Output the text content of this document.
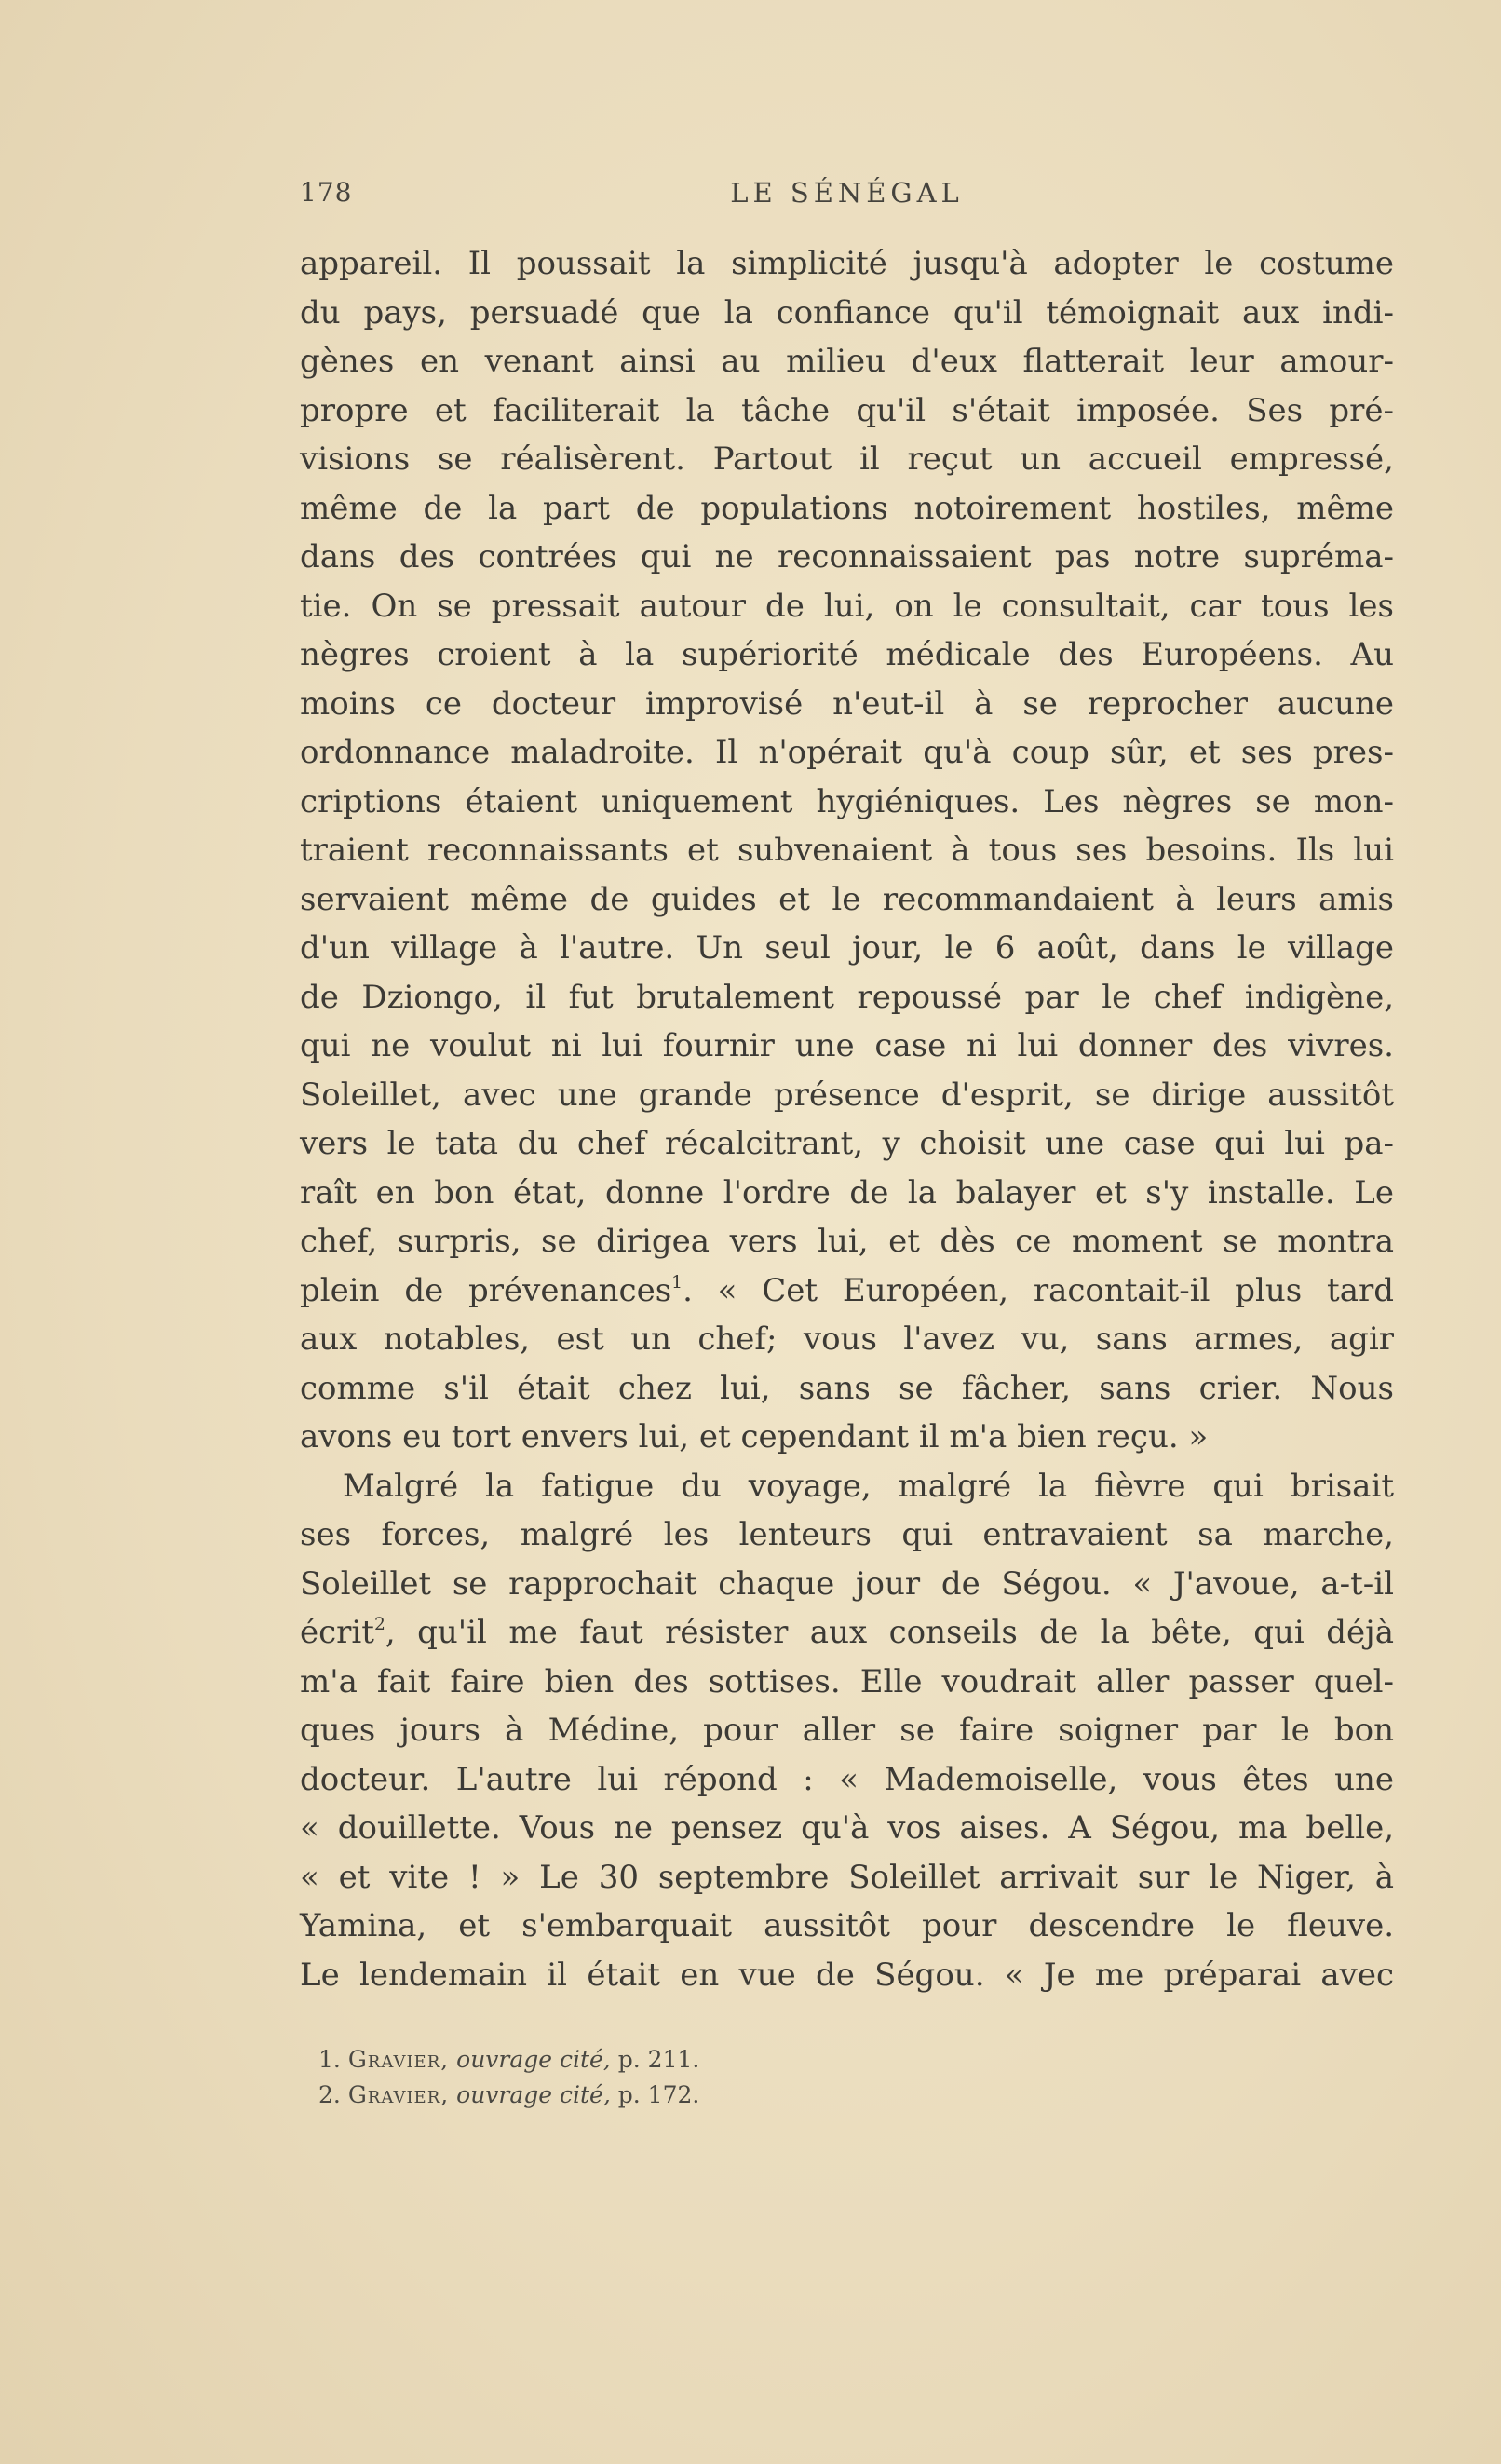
178	LE SÉNÉGAL
appareil. Il poussait la simplicité jusqu'à adopter le costume
du pays, persuadé que la confiance qu'il témoignait aux indi-
gènes en venant ainsi au milieu d'eux flatterait leur amour-
propre et faciliterait la tâche qu'il s'était imposée. Ses pré-
visions se réalisèrent. Partout il reçut un accueil empressé,
même de la part de populations notoirement hostiles, même
dans des contrées qui ne reconnaissaient pas notre supréma-
tie. On se pressait autour de lui, on le consultait, car tous les
nègres croient à la supériorité médicale des Européens. Au
moins ce docteur improvisé n'eut-il à se reprocher aucune
ordonnance maladroite. Il n'opérait qu'à coup sûr, et ses pres-
criptions étaient uniquement hygiéniques. Les nègres se mon-
traient reconnaissants et subvenaient à tous ses besoins. Ils lui
servaient même de guides et le recommandaient à leurs amis
d'un village à l'autre. Un seul jour, le 6 août, dans le village
de Dziongo, il fut brutalement repoussé par le chef indigène,
qui ne voulut ni lui fournir une case ni lui donner des vivres.
Soleillet, avec une grande présence d'esprit, se dirige aussitôt
vers le tata du chef récalcitrant, y choisit une case qui lui pa-
raît en bon état, donne l'ordre de la balayer et s'y installe. Le
chef, surpris, se dirigea vers lui, et dès ce moment se montra
plein de prévenances$^1$. « Cet Européen, racontait-il plus tard
aux notables, est un chef; vous l'avez vu, sans armes, agir
comme s'il était chez lui, sans se fâcher, sans crier. Nous
avons eu tort envers lui, et cependant il m'a bien reçu. »
Malgré la fatigue du voyage, malgré la fièvre qui brisait
ses forces, malgré les lenteurs qui entravaient sa marche,
Soleillet se rapprochait chaque jour de Ségou. « J'avoue, a-t-il
écrit$^2$, qu'il me faut résister aux conseils de la bête, qui déjà
m'a fait faire bien des sottises. Elle voudrait aller passer quel-
ques jours à Médine, pour aller se faire soigner par le bon
docteur. L'autre lui répond : « Mademoiselle, vous êtes une
« douillette. Vous ne pensez qu'à vos aises. A Ségou, ma belle,
« et vite ! » Le 30 septembre Soleillet arrivait sur le Niger, à
Yamina, et s'embarquait aussitôt pour descendre le fleuve.
Le lendemain il était en vue de Ségou. « Je me préparai avec
1. Gravier, ouvrage cité, p. 211.
2. Gravier, ouvrage cité, p. 172.
